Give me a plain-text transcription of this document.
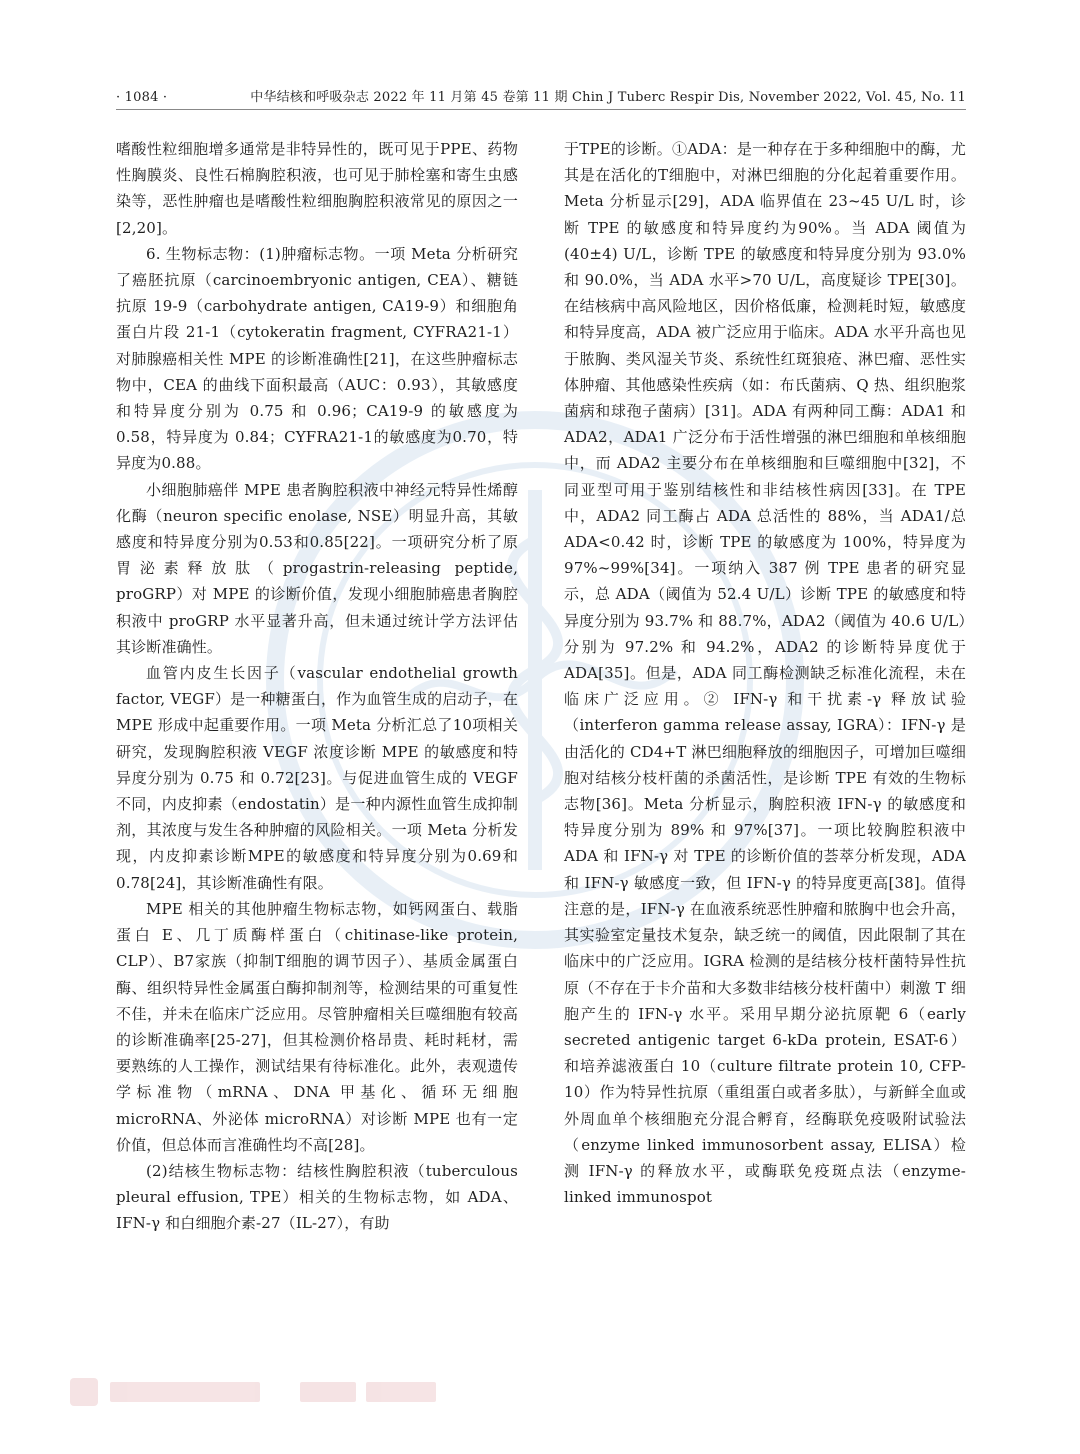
· 1084 ·	中华结核和呼吸杂志 2022 年 11 月第 45 卷第 11 期 Chin J Tuberc Respir Dis, November 2022, Vol. 45, No. 11

嗜酸性粒细胞增多通常是非特异性的，既可见于PPE、药物性胸膜炎、良性石棉胸腔积液，也可见于肺栓塞和寄生虫感染等，恶性肿瘤也是嗜酸性粒细胞胸腔积液常见的原因之一[2,20]。

6. 生物标志物：(1)肿瘤标志物。一项 Meta 分析研究了癌胚抗原（carcinoembryonic antigen, CEA）、糖链抗原 19-9（carbohydrate antigen, CA19-9）和细胞角蛋白片段 21-1（cytokeratin fragment, CYFRA21-1）对肺腺癌相关性 MPE 的诊断准确性[21]，在这些肿瘤标志物中，CEA 的曲线下面积最高（AUC：0.93），其敏感度和特异度分别为 0.75 和 0.96；CA19-9 的敏感度为 0.58，特异度为 0.84；CYFRA21-1的敏感度为0.70，特异度为0.88。

小细胞肺癌伴 MPE 患者胸腔积液中神经元特异性烯醇化酶（neuron specific enolase, NSE）明显升高，其敏感度和特异度分别为0.53和0.85[22]。一项研究分析了原胃泌素释放肽（progastrin-releasing peptide, proGRP）对 MPE 的诊断价值，发现小细胞肺癌患者胸腔积液中 proGRP 水平显著升高，但未通过统计学方法评估其诊断准确性。

血管内皮生长因子（vascular endothelial growth factor, VEGF）是一种糖蛋白，作为血管生成的启动子，在 MPE 形成中起重要作用。一项 Meta 分析汇总了10项相关研究，发现胸腔积液 VEGF 浓度诊断 MPE 的敏感度和特异度分别为 0.75 和 0.72[23]。与促进血管生成的 VEGF 不同，内皮抑素（endostatin）是一种内源性血管生成抑制剂，其浓度与发生各种肿瘤的风险相关。一项 Meta 分析发现，内皮抑素诊断MPE的敏感度和特异度分别为0.69和0.78[24]，其诊断准确性有限。

MPE 相关的其他肿瘤生物标志物，如钙网蛋白、载脂蛋白 E、几丁质酶样蛋白（chitinase-like protein, CLP）、B7家族（抑制T细胞的调节因子）、基质金属蛋白酶、组织特异性金属蛋白酶抑制剂等，检测结果的可重复性不佳，并未在临床广泛应用。尽管肿瘤相关巨噬细胞有较高的诊断准确率[25-27]，但其检测价格昂贵、耗时耗材，需要熟练的人工操作，测试结果有待标准化。此外，表观遗传学标准物（mRNA、DNA 甲基化、循环无细胞 microRNA、外泌体 microRNA）对诊断 MPE 也有一定价值，但总体而言准确性均不高[28]。

(2)结核生物标志物：结核性胸腔积液（tuberculous pleural effusion, TPE）相关的生物标志物，如 ADA、IFN-γ 和白细胞介素-27（IL-27），有助

于TPE的诊断。①ADA：是一种存在于多种细胞中的酶，尤其是在活化的T细胞中，对淋巴细胞的分化起着重要作用。Meta 分析显示[29]，ADA 临界值在 23~45 U/L 时，诊断 TPE 的敏感度和特异度约为90%。当 ADA 阈值为(40±4) U/L，诊断 TPE 的敏感度和特异度分别为 93.0% 和 90.0%，当 ADA 水平>70 U/L，高度疑诊 TPE[30]。在结核病中高风险地区，因价格低廉，检测耗时短，敏感度和特异度高，ADA 被广泛应用于临床。ADA 水平升高也见于脓胸、类风湿关节炎、系统性红斑狼疮、淋巴瘤、恶性实体肿瘤、其他感染性疾病（如：布氏菌病、Q 热、组织胞浆菌病和球孢子菌病）[31]。ADA 有两种同工酶：ADA1 和 ADA2，ADA1 广泛分布于活性增强的淋巴细胞和单核细胞中，而 ADA2 主要分布在单核细胞和巨噬细胞中[32]，不同亚型可用于鉴别结核性和非结核性病因[33]。在 TPE 中，ADA2 同工酶占 ADA 总活性的 88%，当 ADA1/总 ADA<0.42 时，诊断 TPE 的敏感度为 100%，特异度为 97%~99%[34]。一项纳入 387 例 TPE 患者的研究显示，总 ADA（阈值为 52.4 U/L）诊断 TPE 的敏感度和特异度分别为 93.7% 和 88.7%，ADA2（阈值为 40.6 U/L）分别为 97.2% 和 94.2%，ADA2 的诊断特异度优于 ADA[35]。但是，ADA 同工酶检测缺乏标准化流程，未在临床广泛应用。② IFN-γ 和干扰素-γ 释放试验（interferon gamma release assay, IGRA）：IFN-γ 是由活化的 CD4+T 淋巴细胞释放的细胞因子，可增加巨噬细胞对结核分枝杆菌的杀菌活性，是诊断 TPE 有效的生物标志物[36]。Meta 分析显示，胸腔积液 IFN-γ 的敏感度和特异度分别为 89% 和 97%[37]。一项比较胸腔积液中 ADA 和 IFN-γ 对 TPE 的诊断价值的荟萃分析发现，ADA 和 IFN-γ 敏感度一致，但 IFN-γ 的特异度更高[38]。值得注意的是，IFN-γ 在血液系统恶性肿瘤和脓胸中也会升高，其实验室定量技术复杂，缺乏统一的阈值，因此限制了其在临床中的广泛应用。IGRA 检测的是结核分枝杆菌特异性抗原（不存在于卡介苗和大多数非结核分枝杆菌中）刺激 T 细胞产生的 IFN-γ 水平。采用早期分泌抗原靶 6（early secreted antigenic target 6-kDa protein, ESAT-6）和培养滤液蛋白 10（culture filtrate protein 10, CFP-10）作为特异性抗原（重组蛋白或者多肽），与新鲜全血或外周血单个核细胞充分混合孵育，经酶联免疫吸附试验法（enzyme linked immunosorbent assay, ELISA）检测 IFN-γ 的释放水平，或酶联免疫斑点法（enzyme-linked immunospot
